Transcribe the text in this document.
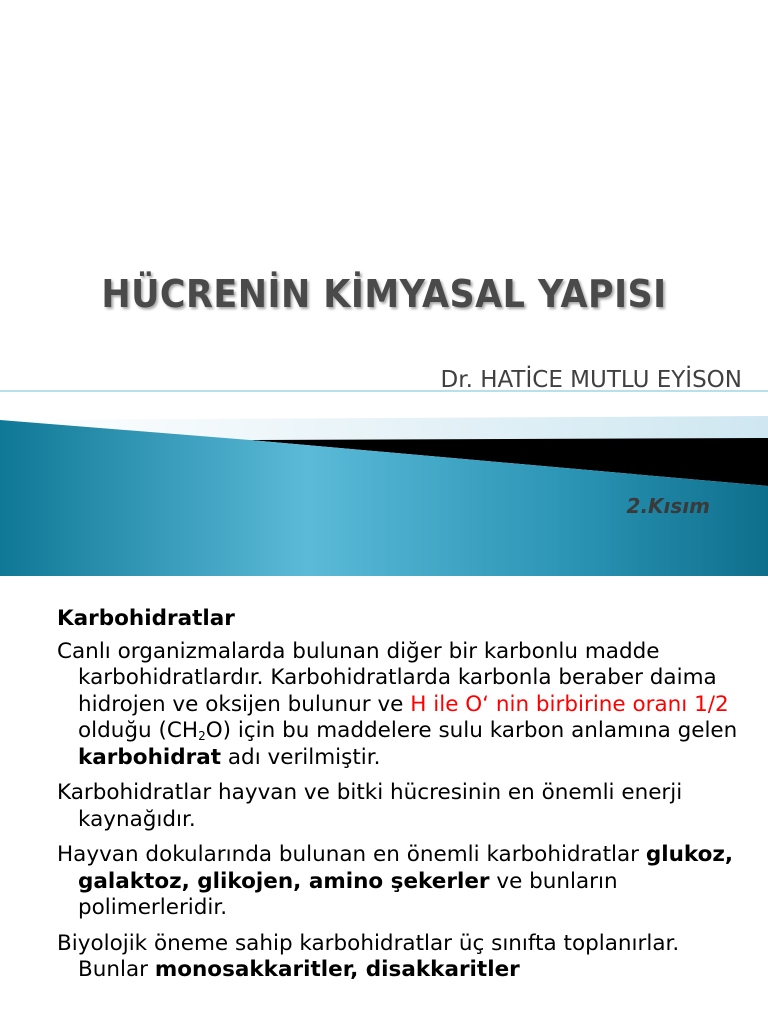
HÜCRENİN KİMYASAL YAPISI
Dr. HATİCE MUTLU EYİSON
2.Kısım
Karbohidratlar
Canlı organizmalarda bulunan diğer bir karbonlu madde karbohidratlardır. Karbohidratlarda karbonla beraber daima hidrojen ve oksijen bulunur ve H ile O‘ nin birbirine oranı 1/2 olduğu $(CH_2O)$ için bu maddelere sulu karbon anlamına gelen karbohidrat adı verilmiştir.
Karbohidratlar hayvan ve bitki hücresinin en önemli enerji kaynağıdır.
Hayvan dokularında bulunan en önemli karbohidratlar glukoz, galaktoz, glikojen, amino şekerler ve bunların polimerleridir.
Biyolojik öneme sahip karbohidratlar üç sınıfta toplanırlar. Bunlar monosakkaritler, disakkaritler
